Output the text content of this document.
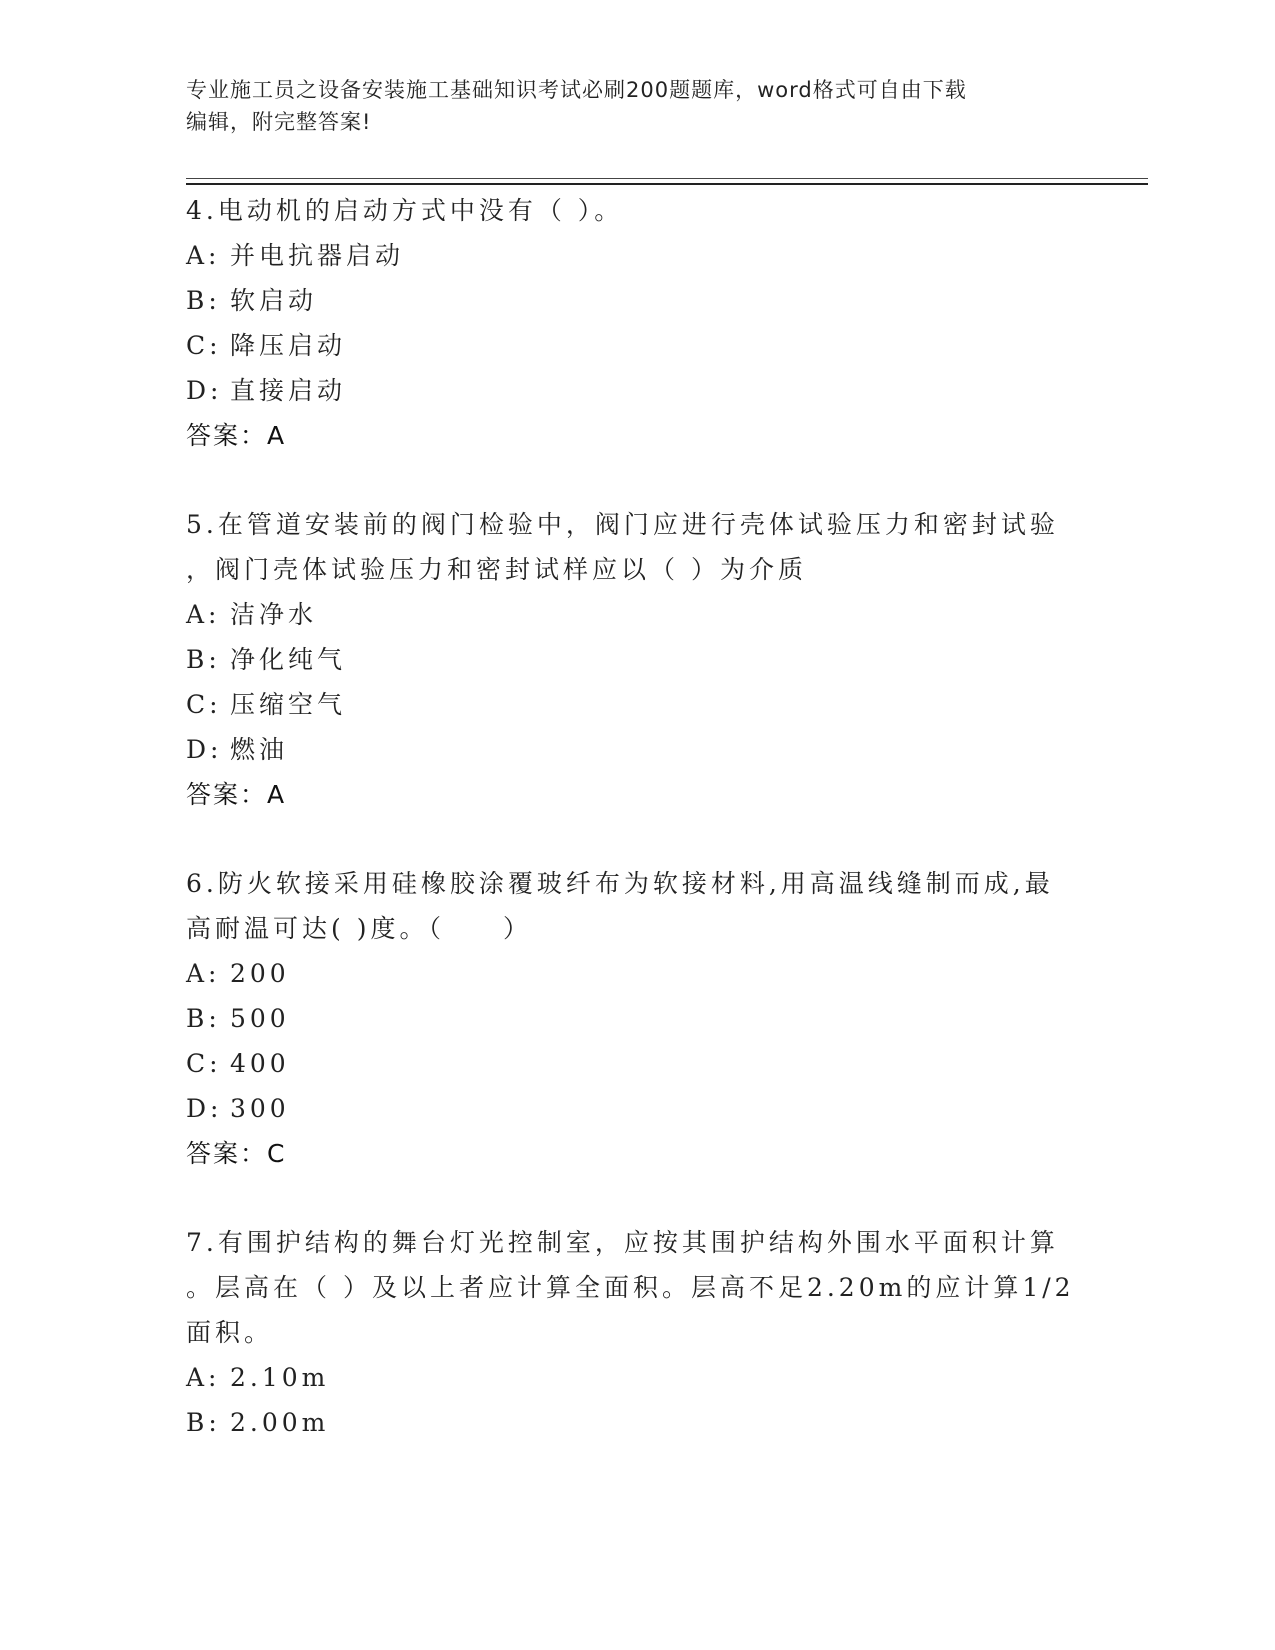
专业施工员之设备安装施工基础知识考试必刷200题题库，word格式可自由下载
编辑，附完整答案!
4.电动机的启动方式中没有（ ）。
A: 并电抗器启动
B: 软启动
C: 降压启动
D: 直接启动
答案：A
5.在管道安装前的阀门检验中，阀门应进行壳体试验压力和密封试验
，阀门壳体试验压力和密封试样应以（ ）为介质
A: 洁净水
B: 净化纯气
C: 压缩空气
D: 燃油
答案：A
6.防火软接采用硅橡胶涂覆玻纤布为软接材料,用高温线缝制而成,最
高耐温可达( )度。（　　）
A: 200
B: 500
C: 400
D: 300
答案：C
7.有围护结构的舞台灯光控制室，应按其围护结构外围水平面积计算
。层高在（ ）及以上者应计算全面积。层高不足2.20m的应计算1/2
面积。
A: 2.10m
B: 2.00m
